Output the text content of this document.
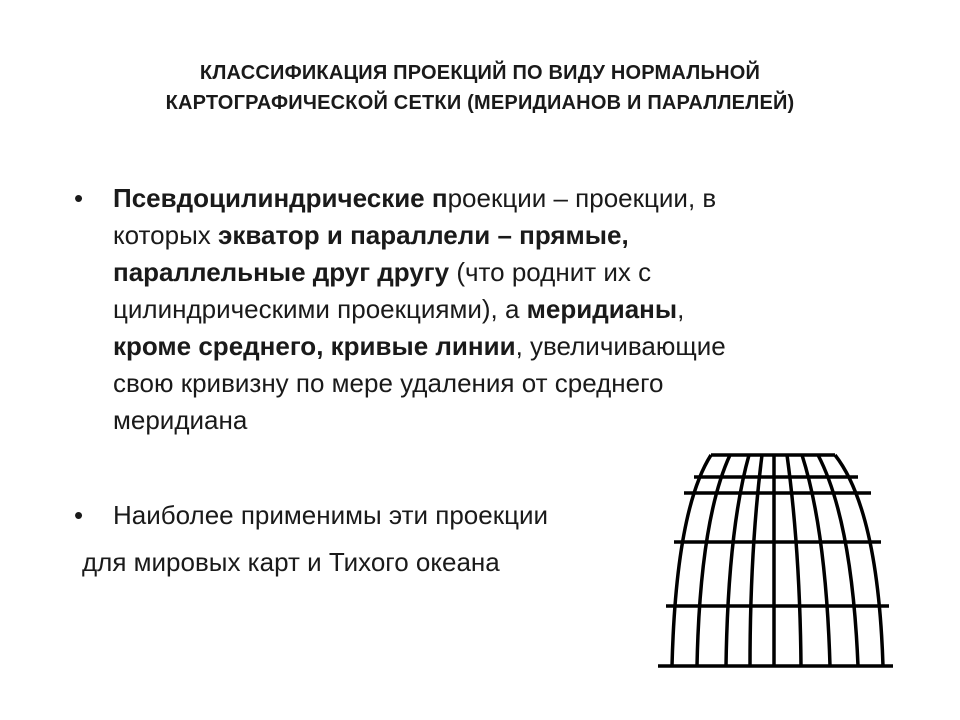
КЛАССИФИКАЦИЯ ПРОЕКЦИЙ ПО ВИДУ НОРМАЛЬНОЙ
КАРТОГРАФИЧЕСКОЙ СЕТКИ (МЕРИДИАНОВ И ПАРАЛЛЕЛЕЙ)
• Псевдоцилиндрические проекции – проекции, в
которых экватор и параллели – прямые,
параллельные друг другу (что роднит их с
цилиндрическими проекциями), а меридианы,
кроме среднего, кривые линии, увеличивающие
свою кривизну по мере удаления от среднего
меридиана
• Наиболее применимы эти проекции
для мировых карт и Тихого океана
